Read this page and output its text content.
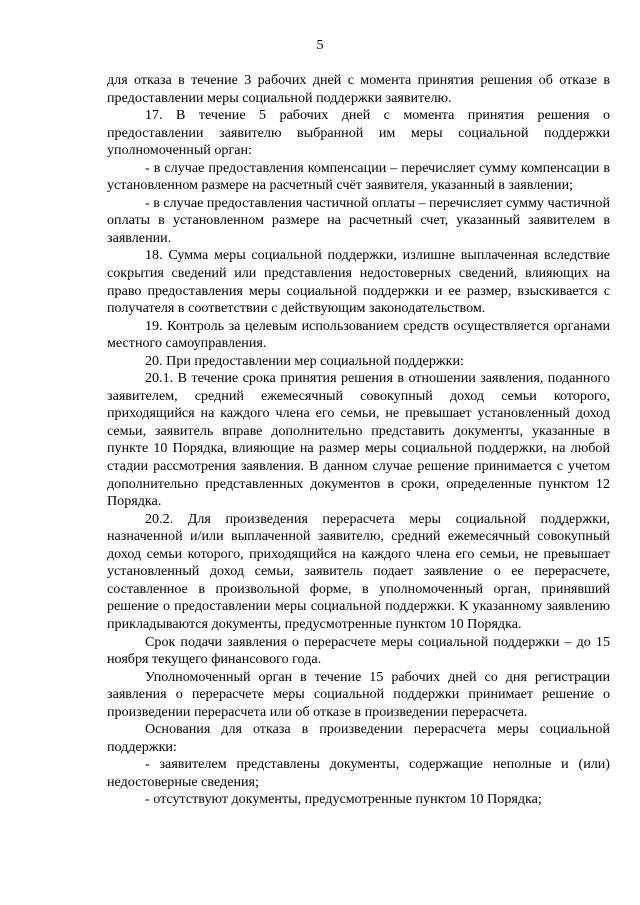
5

для отказа в течение 3 рабочих дней с момента принятия решения об отказе в предоставлении меры социальной поддержки заявителю.

17. В течение 5 рабочих дней с момента принятия решения о предоставлении заявителю выбранной им меры социальной поддержки уполномоченный орган:

- в случае предоставления компенсации – перечисляет сумму компенсации в установленном размере на расчетный счёт заявителя, указанный в заявлении;

- в случае предоставления частичной оплаты – перечисляет сумму частичной оплаты в установленном размере на расчетный счет, указанный заявителем в заявлении.

18. Сумма меры социальной поддержки, излишне выплаченная вследствие сокрытия сведений или представления недостоверных сведений, влияющих на право предоставления меры социальной поддержки и ее размер, взыскивается с получателя в соответствии с действующим законодательством.

19. Контроль за целевым использованием средств осуществляется органами местного самоуправления.

20. При предоставлении мер социальной поддержки:

20.1. В течение срока принятия решения в отношении заявления, поданного заявителем, средний ежемесячный совокупный доход семьи которого, приходящийся на каждого члена его семьи, не превышает установленный доход семьи, заявитель вправе дополнительно представить документы, указанные в пункте 10 Порядка, влияющие на размер меры социальной поддержки, на любой стадии рассмотрения заявления. В данном случае решение принимается с учетом дополнительно представленных документов в сроки, определенные пунктом 12 Порядка.

20.2. Для произведения перерасчета меры социальной поддержки, назначенной и/или выплаченной заявителю, средний ежемесячный совокупный доход семьи которого, приходящийся на каждого члена его семьи, не превышает установленный доход семьи, заявитель подает заявление о ее перерасчете, составленное в произвольной форме, в уполномоченный орган, принявший решение о предоставлении меры социальной поддержки. К указанному заявлению прикладываются документы, предусмотренные пунктом 10 Порядка.

Срок подачи заявления о перерасчете меры социальной поддержки – до 15 ноября текущего финансового года.

Уполномоченный орган в течение 15 рабочих дней со дня регистрации заявления о перерасчете меры социальной поддержки принимает решение о произведении перерасчета или об отказе в произведении перерасчета.

Основания для отказа в произведении перерасчета меры социальной поддержки:

- заявителем представлены документы, содержащие неполные и (или) недостоверные сведения;

- отсутствуют документы, предусмотренные пунктом 10 Порядка;
